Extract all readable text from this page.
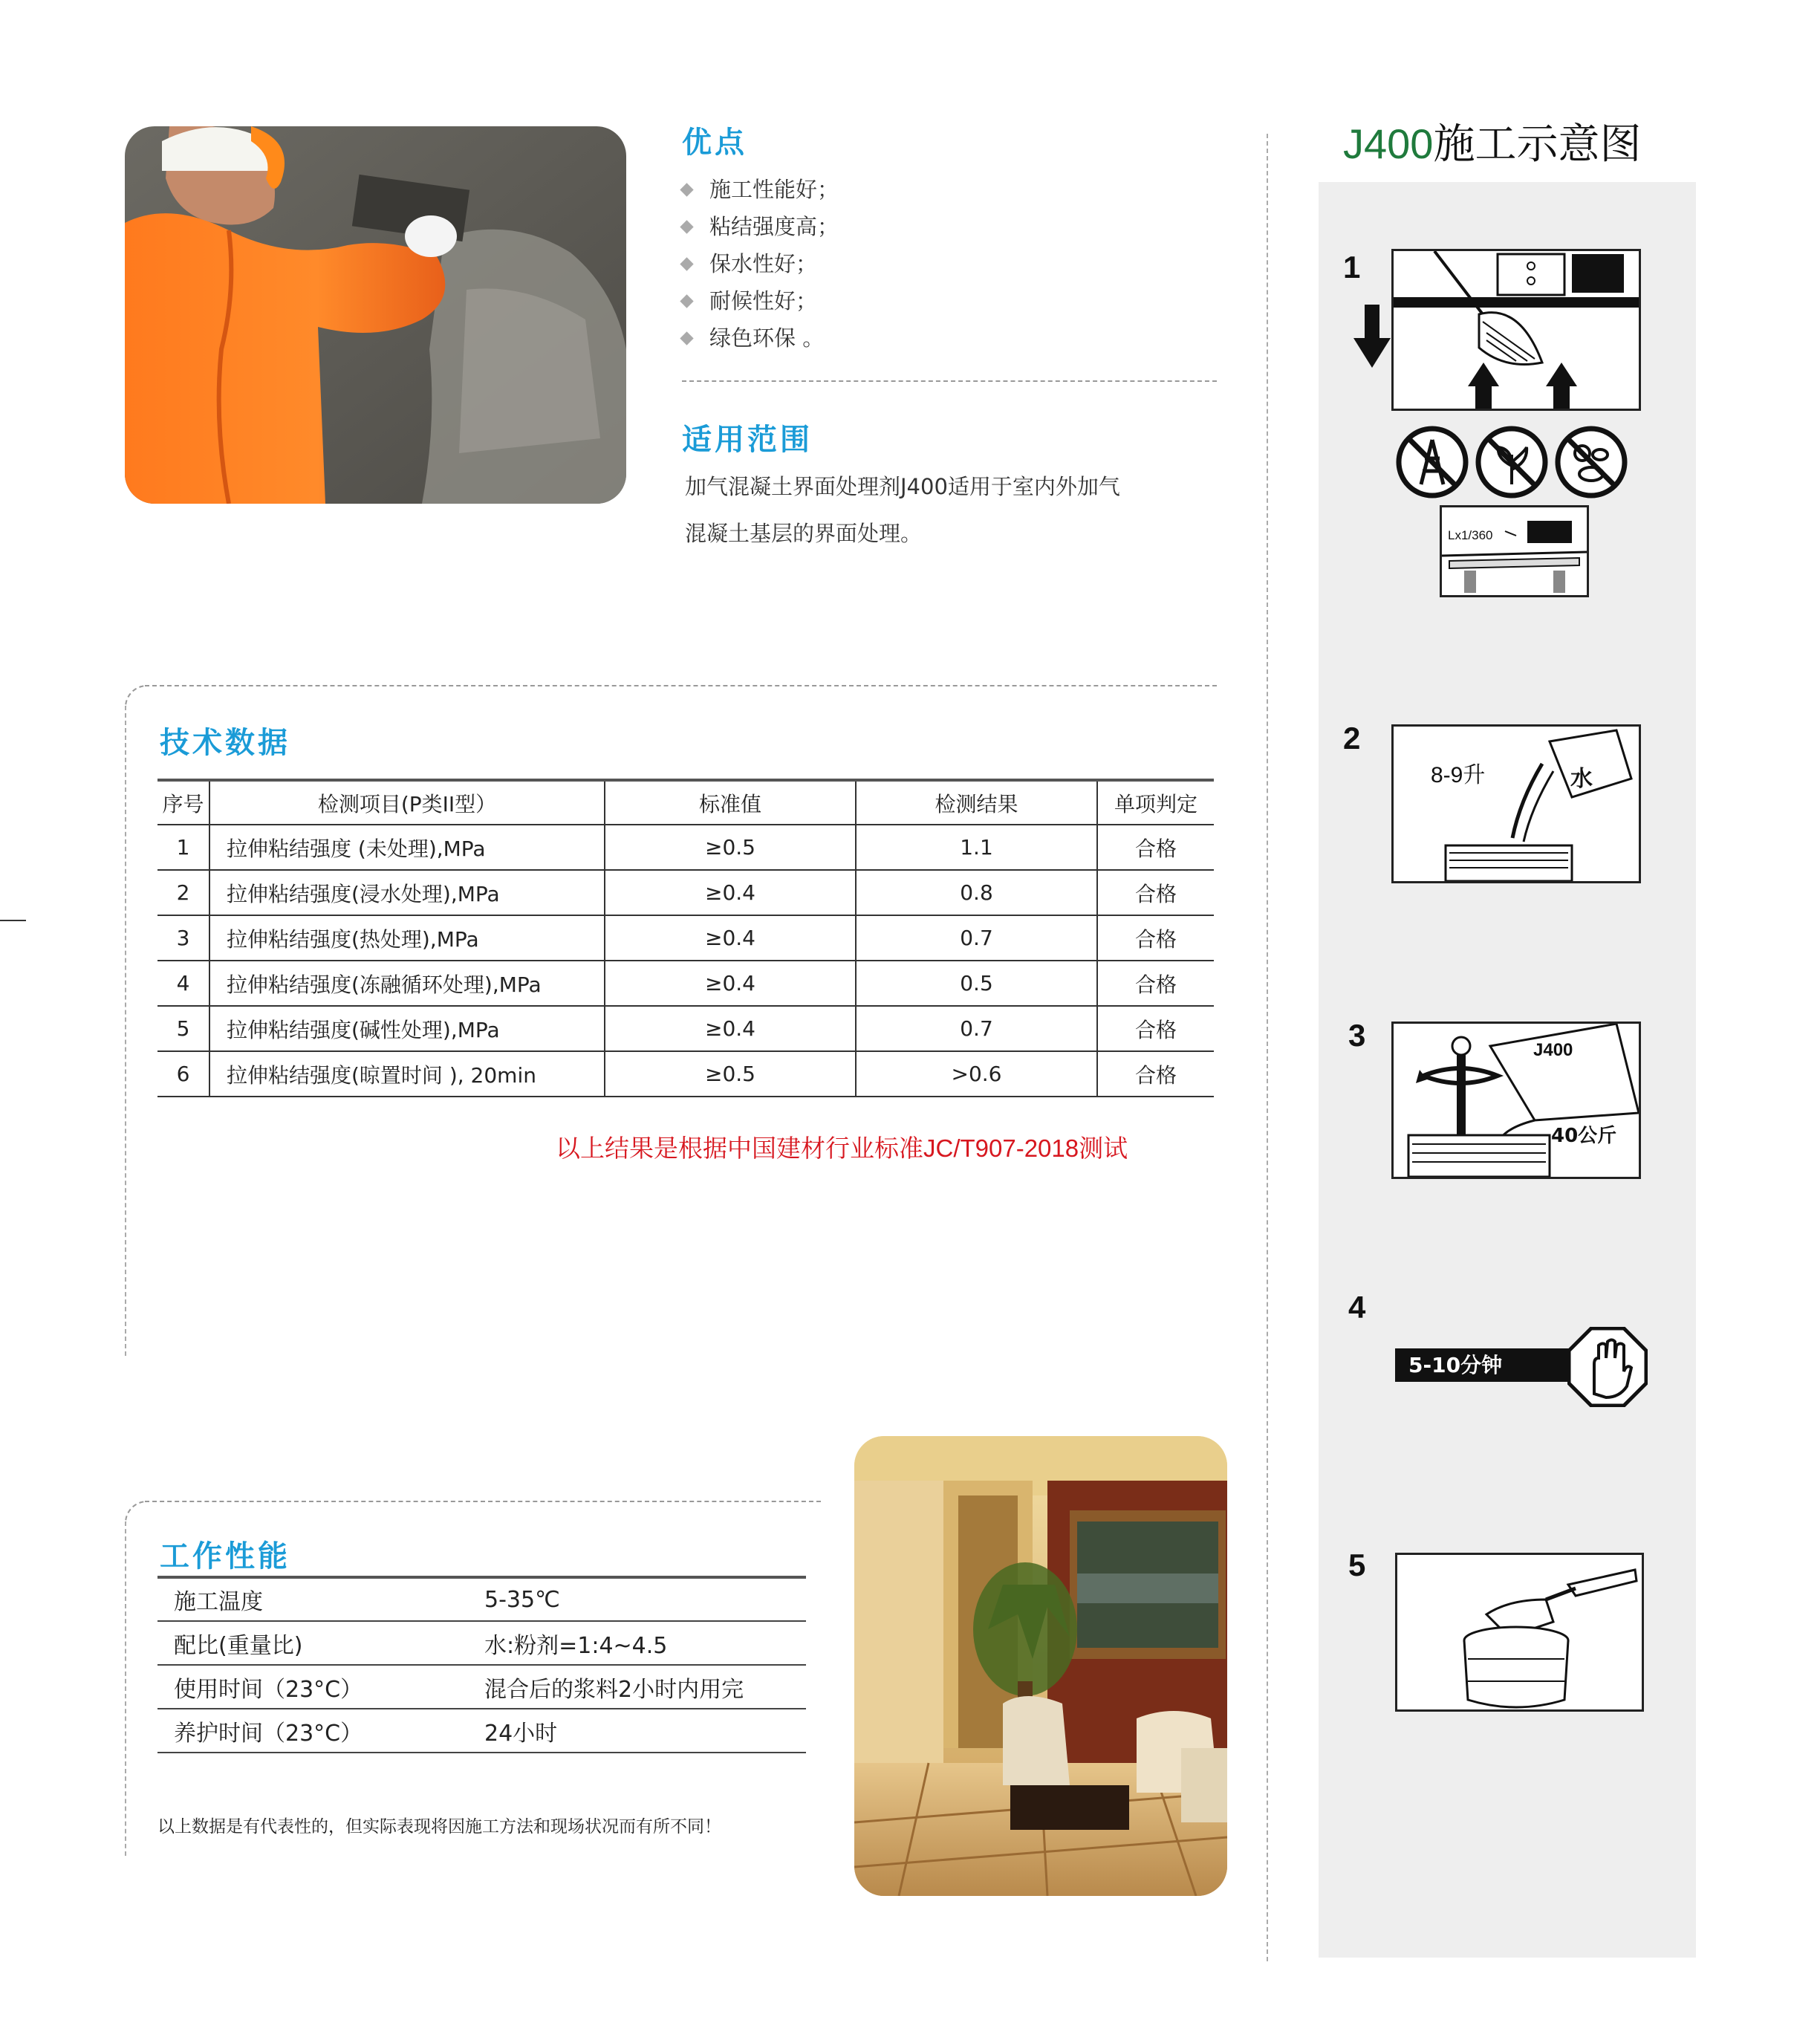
优点
施工性能好；
粘结强度高；
保水性好；
耐候性好；
绿色环保 。
适用范围
加气混凝土界面处理剂J400适用于室内外加气
混凝土基层的界面处理。
技术数据
序号	检测项目(P类II型）	标准值	检测结果	单项判定
1	拉伸粘结强度 (未处理),MPa	≥0.5	1.1	合格
2	拉伸粘结强度(浸水处理),MPa	≥0.4	0.8	合格
3	拉伸粘结强度(热处理),MPa	≥0.4	0.7	合格
4	拉伸粘结强度(冻融循环处理),MPa	≥0.4	0.5	合格
5	拉伸粘结强度(碱性处理),MPa	≥0.4	0.7	合格
6	拉伸粘结强度(晾置时间 ), 20min	≥0.5	>0.6	合格
以上结果是根据中国建材行业标准JC/T907-2018测试
工作性能
施工温度	5-35℃
配比(重量比)	水:粉剂=1:4~4.5
使用时间（23°C）	混合后的浆料2小时内用完
养护时间（23°C）	24小时
以上数据是有代表性的，但实际表现将因施工方法和现场状况而有所不同！
J400施工示意图
1
Lx1/360
2
8-9升	水
3	J400
40公斤
4
5-10分钟
5
